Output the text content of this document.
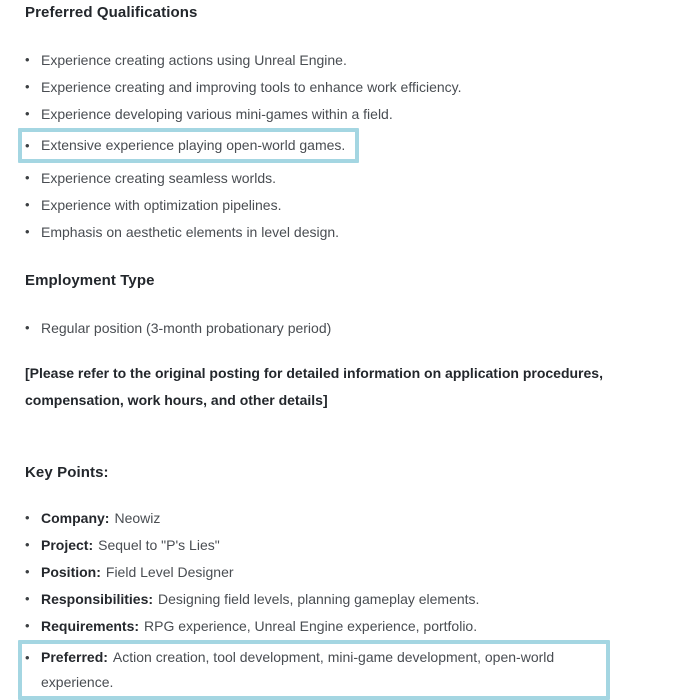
Preferred Qualifications
• Experience creating actions using Unreal Engine.
• Experience creating and improving tools to enhance work efficiency.
• Experience developing various mini-games within a field.
• Extensive experience playing open-world games.
• Experience creating seamless worlds.
• Experience with optimization pipelines.
• Emphasis on aesthetic elements in level design.
Employment Type
• Regular position (3-month probationary period)

[Please refer to the original posting for detailed information on application procedures, compensation, work hours, and other details]

Key Points:
• Company: Neowiz
• Project: Sequel to "P's Lies"
• Position: Field Level Designer
• Responsibilities: Designing field levels, planning gameplay elements.
• Requirements: RPG experience, Unreal Engine experience, portfolio.
• Preferred: Action creation, tool development, mini-game development, open-world experience.
